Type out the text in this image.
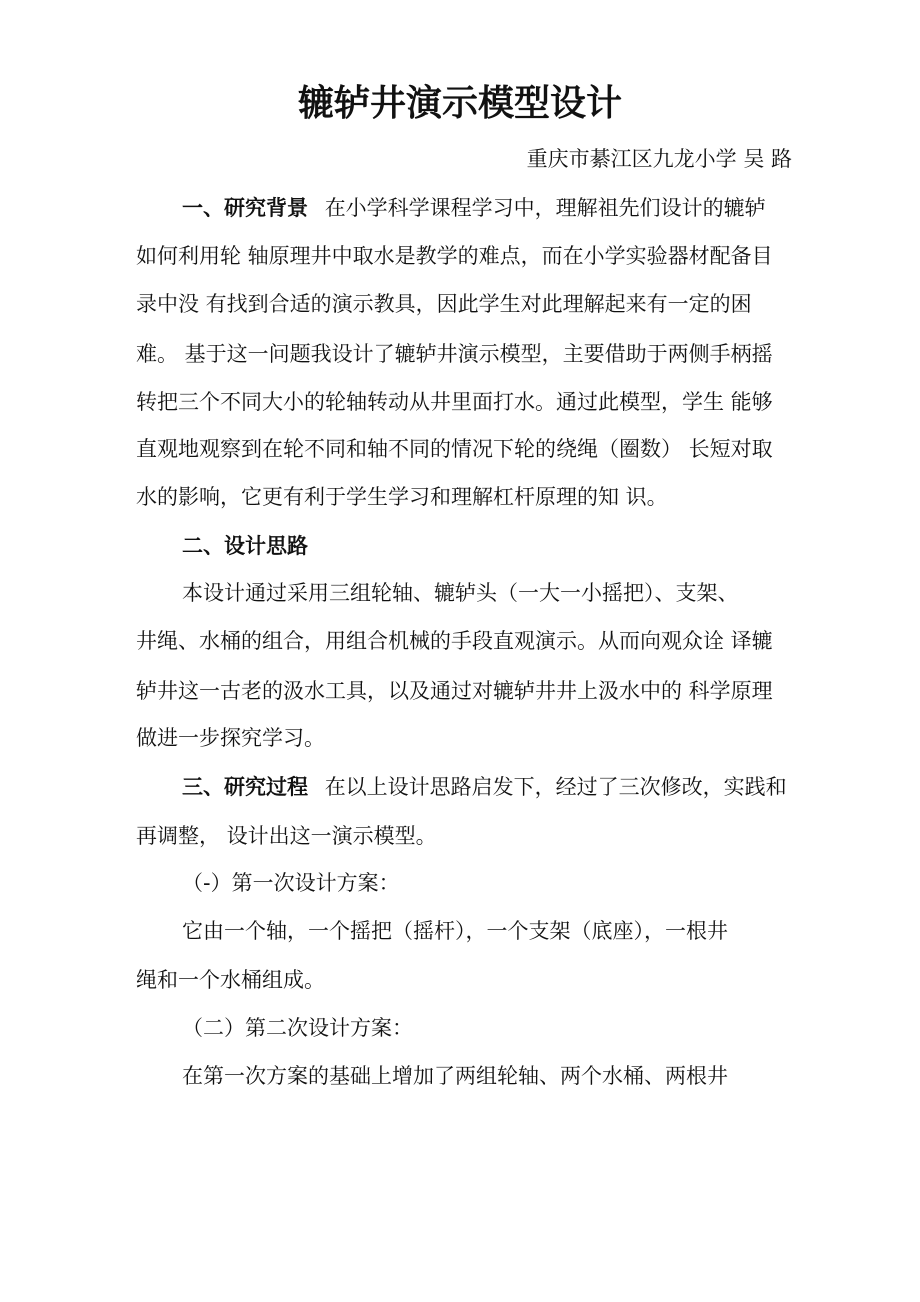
辘轳井演示模型设计
重庆市綦江区九龙小学 吴 路
一、研究背景 在小学科学课程学习中，理解祖先们设计的辘轳
如何利用轮 轴原理井中取水是教学的难点，而在小学实验器材配备目
录中没 有找到合适的演示教具，因此学生对此理解起来有一定的困
难。 基于这一问题我设计了辘轳井演示模型，主要借助于两侧手柄摇
转把三个不同大小的轮轴转动从井里面打水。通过此模型，学生 能够
直观地观察到在轮不同和轴不同的情况下轮的绕绳（圈数） 长短对取
水的影响，它更有利于学生学习和理解杠杆原理的知 识。
二、设计思路
本设计通过采用三组轮轴、辘轳头（一大一小摇把）、支架、
井绳、水桶的组合，用组合机械的手段直观演示。从而向观众诠 译辘
轳井这一古老的汲水工具，以及通过对辘轳井井上汲水中的 科学原理
做进一步探究学习。
三、研究过程 在以上设计思路启发下，经过了三次修改，实践和
再调整， 设计出这一演示模型。
（-）第一次设计方案：
它由一个轴，一个摇把（摇杆），一个支架（底座），一根井
绳和一个水桶组成。
（二）第二次设计方案：
在第一次方案的基础上增加了两组轮轴、两个水桶、两根井
